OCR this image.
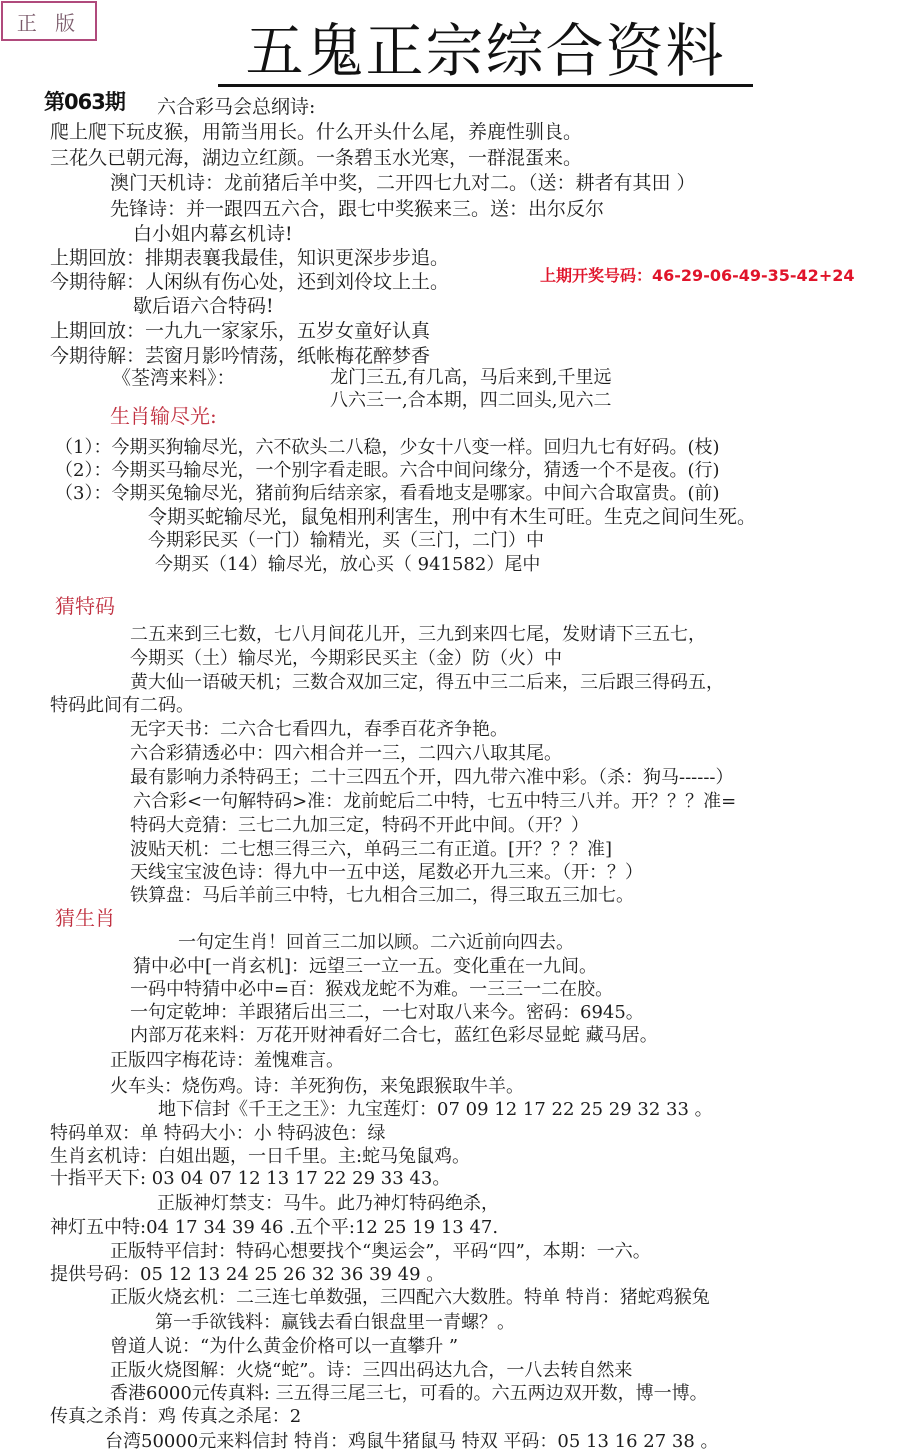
正 版	五鬼正宗综合资料
第063期 六合彩马会总纲诗:
爬上爬下玩皮猴，用箭当用长。什么开头什么尾，养鹿性驯良。
三花久已朝元海，湖边立红颜。一条碧玉水光寒，一群混蛋来。
澳门天机诗：龙前猪后羊中奖，二开四七九对二。（送：耕者有其田 ）
先锋诗：并一跟四五六合，跟七中奖猴来三。送：出尔反尔
白小姐内幕玄机诗!
上期回放：排期表襄我最佳，知识更深步步追。
今期待解：人闲纵有伤心处，还到刘伶坟上土。	上期开奖号码：46-29-06-49-35-42+24
歇后语六合特码!
上期回放：一九九一家家乐，五岁女童好认真
今期待解：芸窗月影吟情荡，纸帐梅花醉梦香
《荃湾来料》：	龙门三五,有几高，马后来到,千里远
八六三一,合本期，四二回头,见六二
生肖输尽光:
（1）：今期买狗输尽光，六不砍头二八稳，少女十八变一样。回归九七有好码。(枝)
（2）：今期买马输尽光，一个别字看走眼。六合中间问缘分，猜透一个不是夜。(行)
（3）：令期买兔输尽光，猪前狗后结亲家，看看地支是哪家。中间六合取富贵。(前)
令期买蛇输尽光，鼠兔相刑利害生，刑中有木生可旺。生克之间问生死。
今期彩民买（一门）输精光，买（三门，二门）中
今期买（14）输尽光，放心买（ 941582）尾中
猜特码
二五来到三七数，七八月间花儿开，三九到来四七尾，发财请下三五七，
今期买（土）输尽光，今期彩民买主（金）防（火）中
黄大仙一语破天机；三数合双加三定，得五中三二后来，三后跟三得码五，
特码此间有二码。
无字天书：二六合七看四九，春季百花齐争艳。
六合彩猜透必中：四六相合并一三，二四六八取其尾。
最有影响力杀特码王；二十三四五个开，四九带六准中彩。（杀：狗马------）
六合彩<一句解特码>准：龙前蛇后二中特，七五中特三八并。开？？？准=
特码大竞猜：三七二九加三定，特码不开此中间。（开？）
波贴天机：二七想三得三六，单码三二有正道。[开？？？准]
天线宝宝波色诗：得九中一五中送，尾数必开九三来。（开：？）
铁算盘：马后羊前三中特，七九相合三加二，得三取五三加七。
猜生肖
一句定生肖！回首三二加以顾。二六近前向四去。
猜中必中[一肖玄机]：远望三一立一五。变化重在一九间。
一码中特猜中必中=百：猴戏龙蛇不为难。一三三一二在胶。
一句定乾坤：羊跟猪后出三二，一七对取八来今。密码：6945。
内部万花来料：万花开财神看好二合七，蓝红色彩尽显蛇 藏马居。
正版四字梅花诗：羞愧难言。
火车头：烧伤鸡。诗：羊死狗伤，来兔跟猴取牛羊。
地下信封《千王之王》：九宝莲灯：07 09 12 17 22 25 29 32 33 。
特码单双：单 特码大小：小 特码波色：绿
生肖玄机诗：白姐出题，一日千里。主:蛇马兔鼠鸡。
十指平天下: 03 04 07 12 13 17 22 29 33 43。
正版神灯禁支：马牛。此乃神灯特码绝杀，
神灯五中特:04 17 34 39 46 .五个平:12 25 19 13 47.
正版特平信封：特码心想要找个“奥运会”，平码“四”，本期：一六。
提供号码：05 12 13 24 25 26 32 36 39 49 。
正版火烧玄机：二三连七单数强，三四配六大数胜。特单 特肖：猪蛇鸡猴兔
第一手欲钱料：赢钱去看白银盘里一青螺？。
曾道人说：“为什么黄金价格可以一直攀升 ”
正版火烧图解：火烧“蛇”。诗：三四出码达九合，一八去转自然来
香港6000元传真料: 三五得三尾三七，可看的。六五两边双开数，博一博。
传真之杀肖：鸡 传真之杀尾：2
台湾50000元来料信封 特肖：鸡鼠牛猪鼠马 特双 平码：05 13 16 27 38 。
